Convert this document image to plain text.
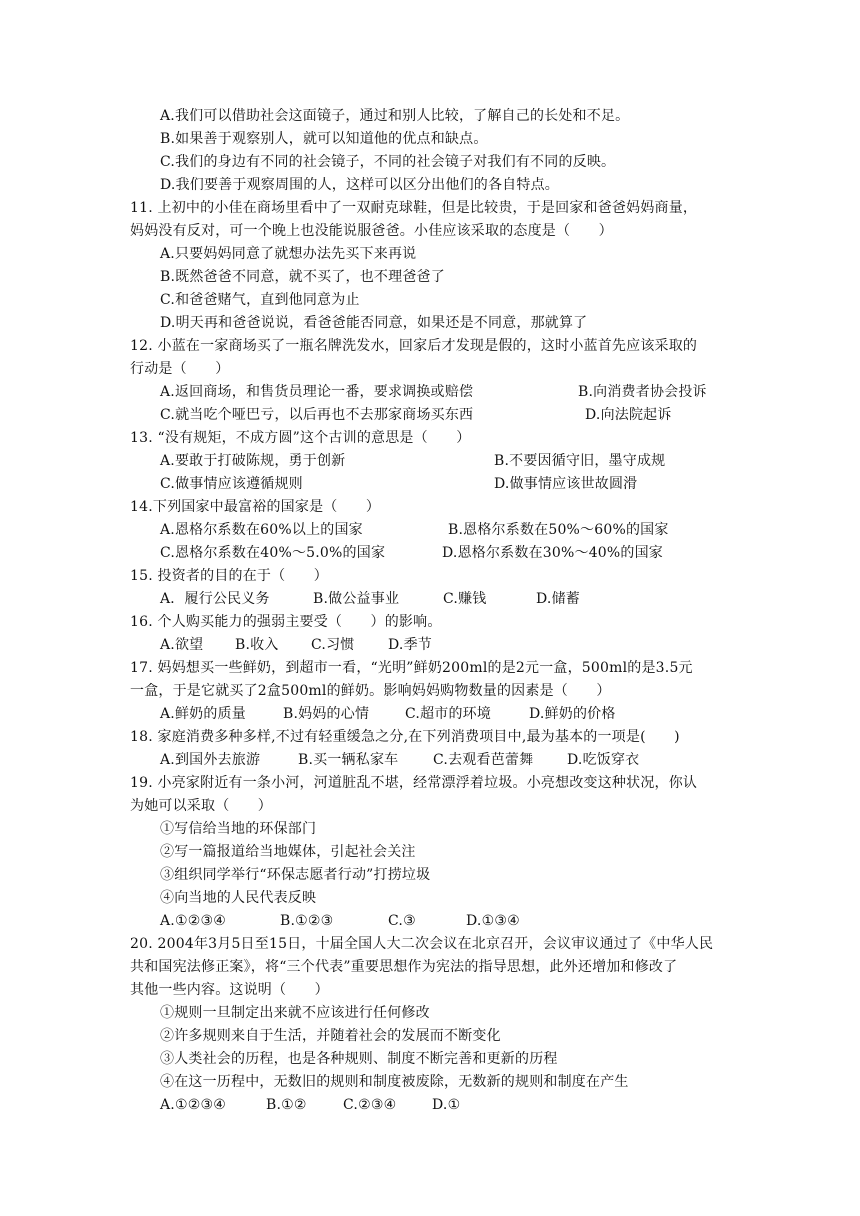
A.我们可以借助社会这面镜子，通过和别人比较，了解自己的长处和不足。
B.如果善于观察别人，就可以知道他的优点和缺点。
C.我们的身边有不同的社会镜子，不同的社会镜子对我们有不同的反映。
D.我们要善于观察周围的人，这样可以区分出他们的各自特点。
11. 上初中的小佳在商场里看中了一双耐克球鞋，但是比较贵，于是回家和爸爸妈妈商量，
妈妈没有反对，可一个晚上也没能说服爸爸。小佳应该采取的态度是（　　）
A.只要妈妈同意了就想办法先买下来再说
B.既然爸爸不同意，就不买了，也不理爸爸了
C.和爸爸赌气，直到他同意为止
D.明天再和爸爸说说，看爸爸能否同意，如果还是不同意，那就算了
12. 小蓝在一家商场买了一瓶名牌洗发水，回家后才发现是假的，这时小蓝首先应该采取的
行动是（　　）
A.返回商场，和售货员理论一番，要求调换或赔偿	B.向消费者协会投诉
C.就当吃个哑巴亏，以后再也不去那家商场买东西	D.向法院起诉
13. “没有规矩，不成方圆”这个古训的意思是（　　）
A.要敢于打破陈规，勇于创新	B.不要因循守旧，墨守成规
C.做事情应该遵循规则	D.做事情应该世故圆滑
14.下列国家中最富裕的国家是（　　）
A.恩格尔系数在60%以上的国家	B.恩格尔系数在50%～60%的国家
C.恩格尔系数在40%～5.0%的国家	D.恩格尔系数在30%～40%的国家
15. 投资者的目的在于（　　）
A．履行公民义务	B.做公益事业	C.赚钱	D.储蓄
16. 个人购买能力的强弱主要受（　　）的影响。
A.欲望 B.收入 C.习惯 D.季节
17. 妈妈想买一些鲜奶，到超市一看，“光明”鲜奶200ml的是2元一盒，500ml的是3.5元
一盒，于是它就买了2盒500ml的鲜奶。影响妈妈购物数量的因素是（　　）
A.鲜奶的质量	B.妈妈的心情	C.超市的环境	D.鲜奶的价格
18. 家庭消费多种多样,不过有轻重缓急之分,在下列消费项目中,最为基本的一项是(　　)
A.到国外去旅游	B.买一辆私家车 C.去观看芭蕾舞 D.吃饭穿衣
19. 小亮家附近有一条小河，河道脏乱不堪，经常漂浮着垃圾。小亮想改变这种状况，你认
为她可以采取（　　）
①写信给当地的环保部门
②写一篇报道给当地媒体，引起社会关注
③组织同学举行“环保志愿者行动”打捞垃圾
④向当地的人民代表反映
A.①②③④	B.①②③	C.③	D.①③④
20. 2004年3月5日至15日，十届全国人大二次会议在北京召开，会议审议通过了《中华人民
共和国宪法修正案》，将“三个代表”重要思想作为宪法的指导思想，此外还增加和修改了
其他一些内容。这说明（　　）
①规则一旦制定出来就不应该进行任何修改
②许多规则来自于生活，并随着社会的发展而不断变化
③人类社会的历程，也是各种规则、制度不断完善和更新的历程
④在这一历程中，无数旧的规则和制度被废除，无数新的规则和制度在产生
A.①②③④	B.①②	C.②③④	D.①
